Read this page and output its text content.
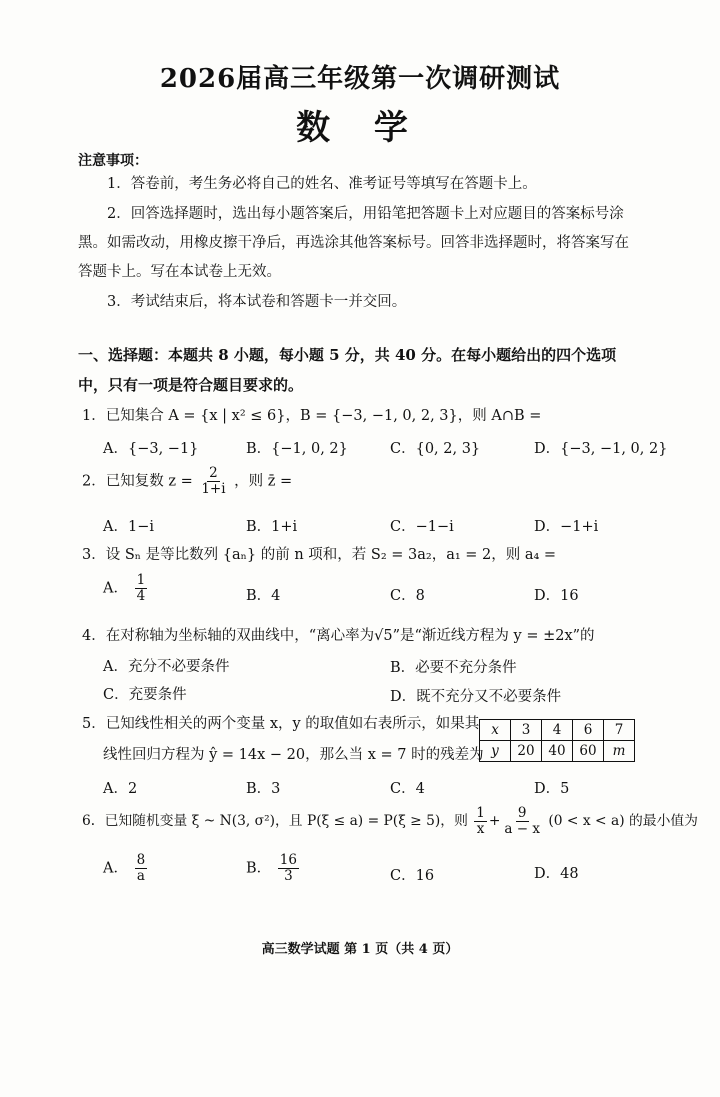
2026届高三年级第一次调研测试
数 学
注意事项：
1．答卷前，考生务必将自己的姓名、准考证号等填写在答题卡上。
2．回答选择题时，选出每小题答案后，用铅笔把答题卡上对应题目的答案标号涂黑。如需改动，用橡皮擦干净后，再选涂其他答案标号。回答非选择题时，将答案写在答题卡上。写在本试卷上无效。
3．考试结束后，将本试卷和答题卡一并交回。
一、选择题：本题共 8 小题，每小题 5 分，共 40 分。在每小题给出的四个选项中，只有一项是符合题目要求的。
1．已知集合 A = {x | x² ≤ 6}，B = {−3, −1, 0, 2, 3}，则 A∩B =
A．{−3, −1}	B．{−1, 0, 2}	C．{0, 2, 3}	D．{−3, −1, 0, 2}
2．已知复数 $z = \frac{2}{1+i}$ ，则 z̄ =
A．1−i	B．1+i	C．−1−i	D．−1+i
3．设 Sₙ 是等比数列 {aₙ} 的前 n 项和，若 S₂ = 3a₂，a₁ = 2，则 a₄ =
A． $\frac{1}{4}$	B．4	C．8	D．16
4．在对称轴为坐标轴的双曲线中，“离心率为√5”是“渐近线方程为 y = ±2x”的
A．充分不必要条件	B．必要不充分条件
C．充要条件	D．既不充分又不必要条件
5．已知线性相关的两个变量 x，y 的取值如右表所示，如果其
线性回归方程为 ŷ = 14x − 20，那么当 x = 7 时的残差为
x	3	4	6	7
y	20	40	60	m
A．2	B．3	C．4	D．5
6．已知随机变量 ξ ~ N(3, σ²)，且 P(ξ ≤ a) = P(ξ ≥ 5)，则 $\frac{1}{x} + \frac{9}{a - x} (0 < x < a)$ 的最小值为
A． $\frac{8}{a}$	B． $\frac{16}{3}$	C．16	D．48
高三数学试题 第 1 页（共 4 页）
